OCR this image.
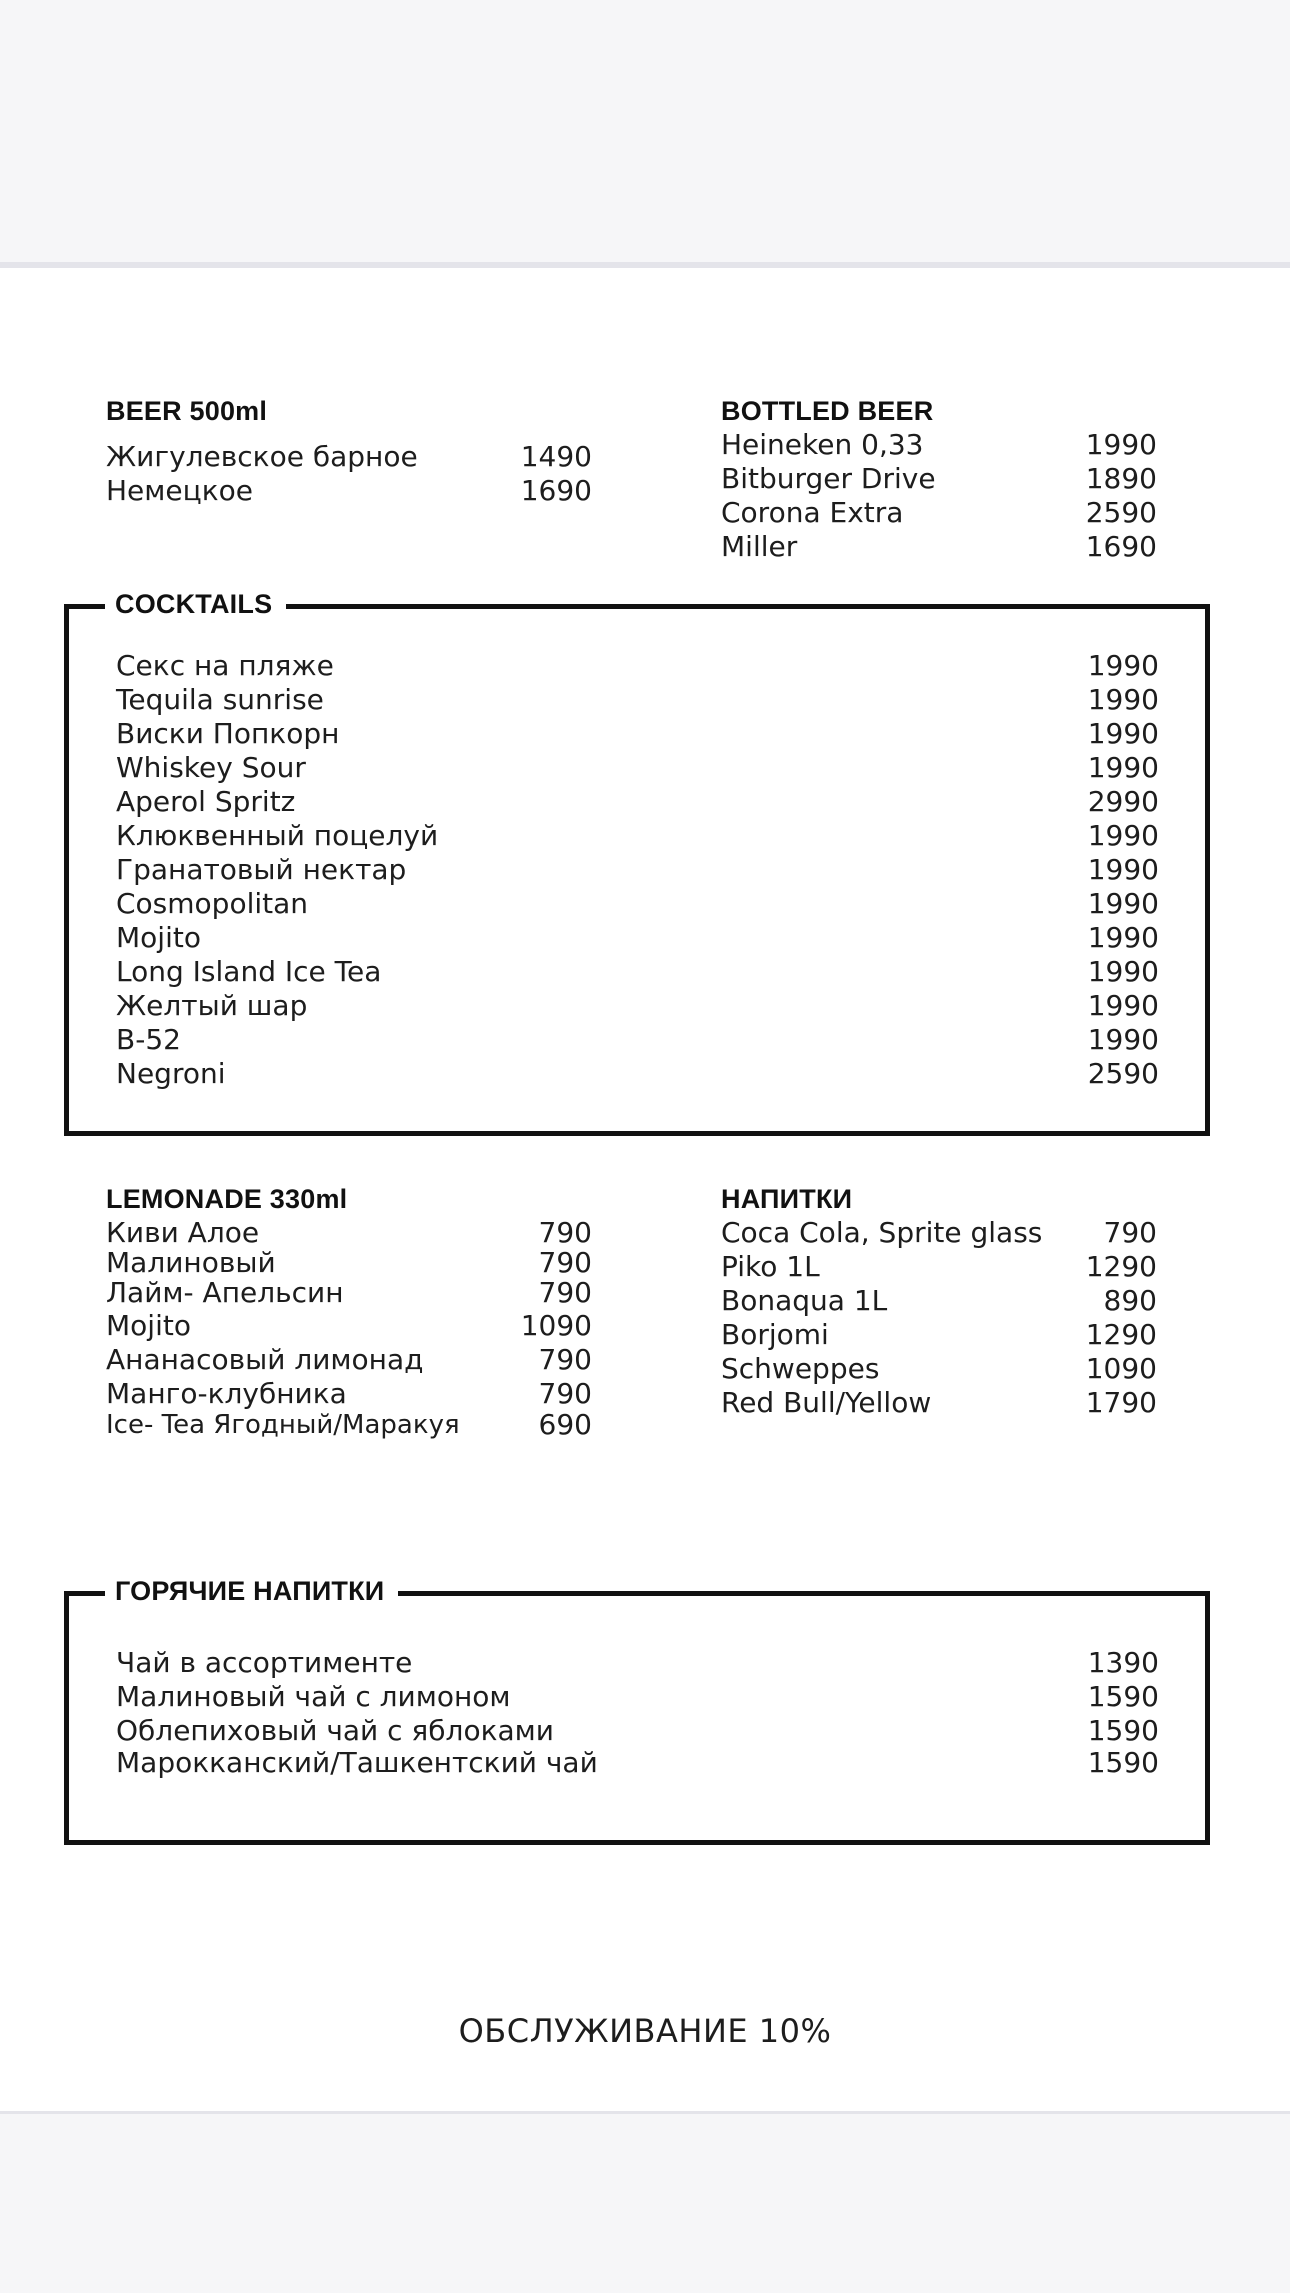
BEER 500ml
Жигулевское барное	1490
Немецкое	1690
BOTTLED BEER
Heineken 0,33	1990
Bitburger Drive	1890
Corona Extra	2590
Miller	1690
COCKTAILS
Секс на пляже	1990
Tequila sunrise	1990
Виски Попкорн	1990
Whiskey Sour	1990
Aperol Spritz	2990
Клюквенный поцелуй	1990
Гранатовый нектар	1990
Cosmopolitan	1990
Mojito	1990
Long Island Ice Tea	1990
Желтый шар	1990
B-52	1990
Negroni	2590
LEMONADE 330ml
Киви Алое	790
Малиновый	790
Лайм- Апельсин	790
Mojito	1090
Ананасовый лимонад	790
Манго-клубника	790
Ice- Tea Ягодный/Маракуя	690
НАПИТКИ
Coca Cola, Sprite glass 790
Piko 1L	1290
Bonaqua 1L	890
Borjomi	1290
Schweppes	1090
Red Bull/Yellow	1790
ГОРЯЧИЕ НАПИТКИ
Чай в ассортименте	1390
Малиновый чай с лимоном	1590
Облепиховый чай с яблоками	1590
Марокканский/Ташкентский чай	1590
ОБСЛУЖИВАНИЕ 10%
